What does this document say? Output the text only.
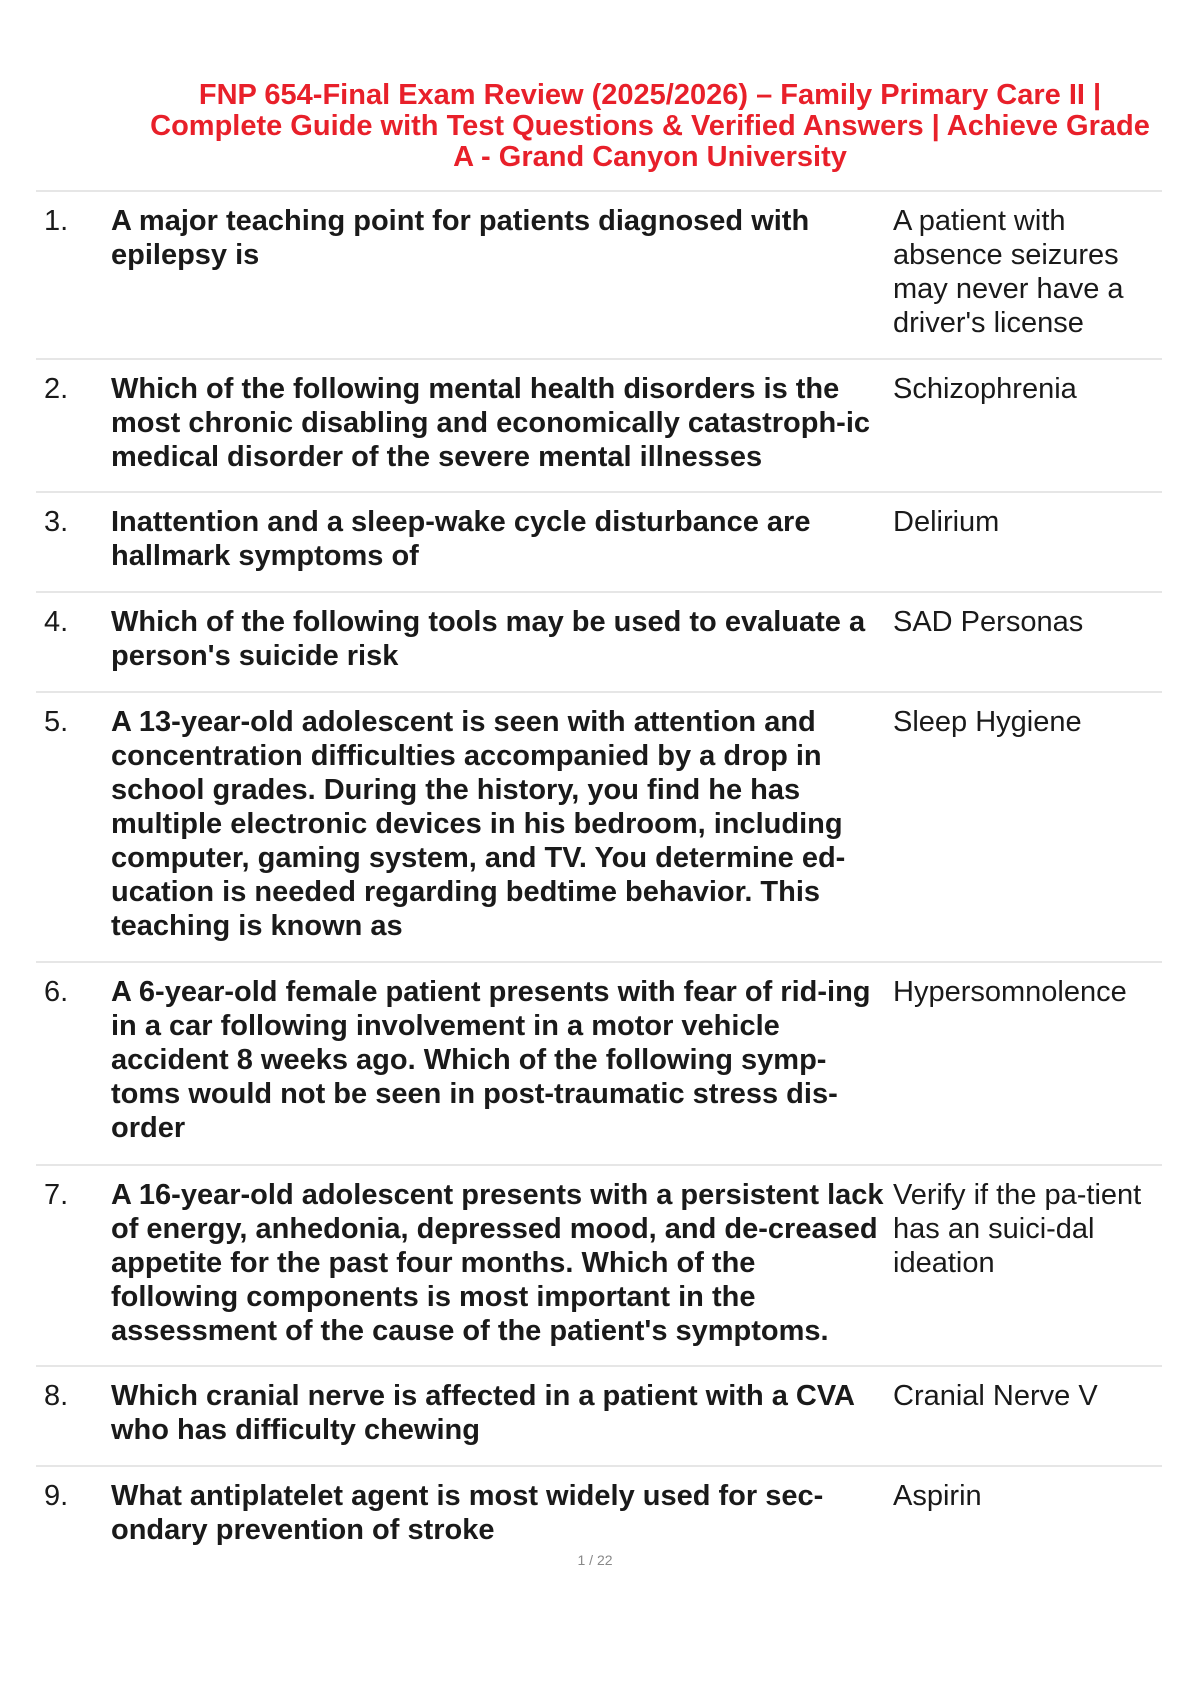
FNP 654-Final Exam Review (2025/2026) – Family Primary Care II | Complete Guide with Test Questions & Verified Answers | Achieve Grade A - Grand Canyon University
1. A major teaching point for patients diagnosed with epilepsy is
A patient with absence seizures may never have a driver's license
2. Which of the following mental health disorders is the most chronic disabling and economically catastroph-ic medical disorder of the severe mental illnesses
Schizophrenia
3. Inattention and a sleep-wake cycle disturbance are hallmark symptoms of
Delirium
4. Which of the following tools may be used to evaluate a person's suicide risk
SAD Personas
5. A 13-year-old adolescent is seen with attention and concentration difficulties accompanied by a drop in school grades. During the history, you find he has multiple electronic devices in his bedroom, including computer, gaming system, and TV. You determine ed-ucation is needed regarding bedtime behavior. This teaching is known as
Sleep Hygiene
6. A 6-year-old female patient presents with fear of rid-ing in a car following involvement in a motor vehicle accident 8 weeks ago. Which of the following symp-toms would not be seen in post-traumatic stress dis-order
Hypersomnolence
7. A 16-year-old adolescent presents with a persistent lack of energy, anhedonia, depressed mood, and de-creased appetite for the past four months. Which of the following components is most important in the assessment of the cause of the patient's symptoms.
Verify if the pa-tient has an suici-dal ideation
8. Which cranial nerve is affected in a patient with a CVA who has difficulty chewing
Cranial Nerve V
9. What antiplatelet agent is most widely used for sec-ondary prevention of stroke
Aspirin
1 / 22
